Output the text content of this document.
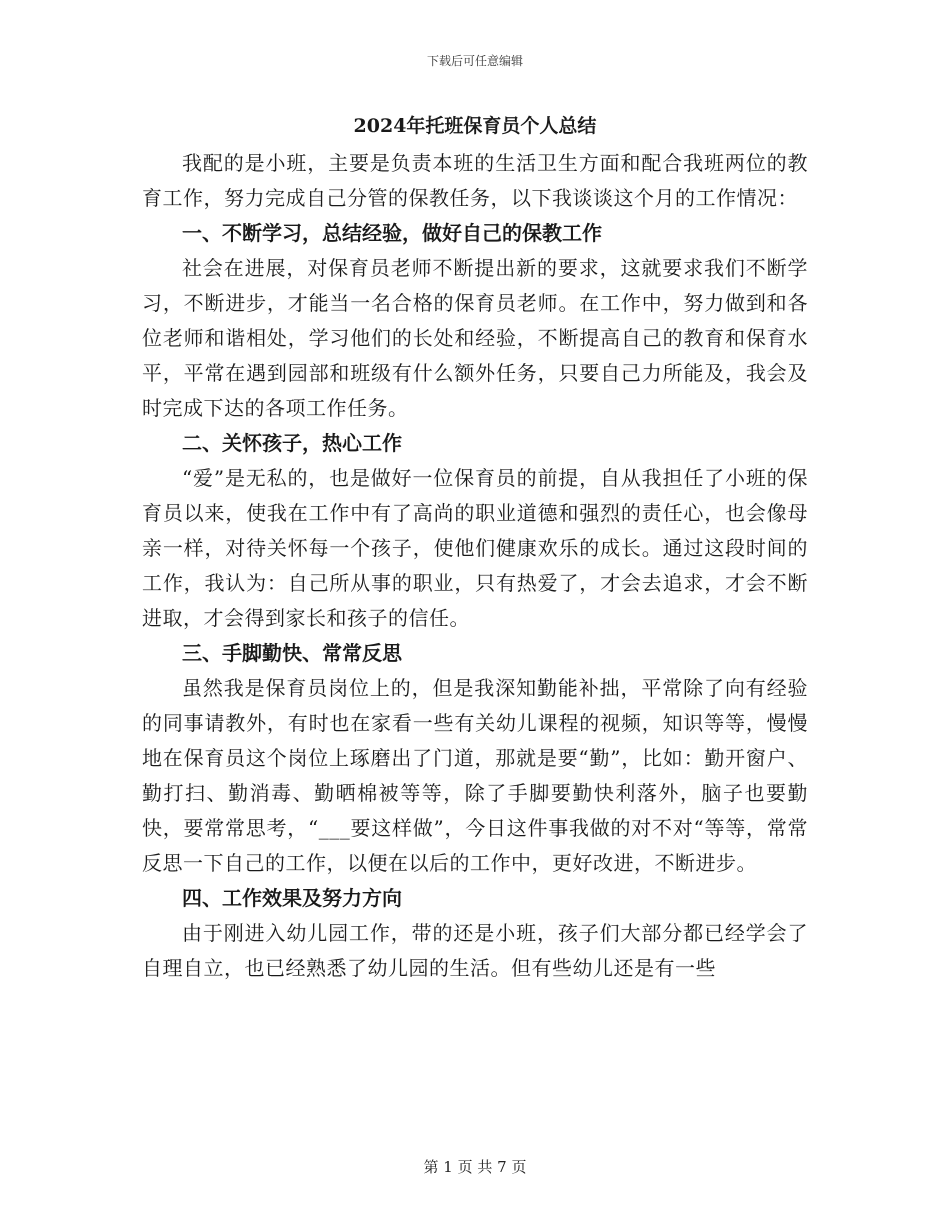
下载后可任意编辑

2024年托班保育员个人总结

我配的是小班，主要是负责本班的生活卫生方面和配合我班两位的教育工作，努力完成自己分管的保教任务，以下我谈谈这个月的工作情况：

一、不断学习，总结经验，做好自己的保教工作

社会在进展，对保育员老师不断提出新的要求，这就要求我们不断学习，不断进步，才能当一名合格的保育员老师。在工作中，努力做到和各位老师和谐相处，学习他们的长处和经验，不断提高自己的教育和保育水平，平常在遇到园部和班级有什么额外任务，只要自己力所能及，我会及时完成下达的各项工作任务。

二、关怀孩子，热心工作

“爱”是无私的，也是做好一位保育员的前提，自从我担任了小班的保育员以来，使我在工作中有了高尚的职业道德和强烈的责任心，也会像母亲一样，对待关怀每一个孩子，使他们健康欢乐的成长。通过这段时间的工作，我认为：自己所从事的职业，只有热爱了，才会去追求，才会不断进取，才会得到家长和孩子的信任。

三、手脚勤快、常常反思

虽然我是保育员岗位上的，但是我深知勤能补拙，平常除了向有经验的同事请教外，有时也在家看一些有关幼儿课程的视频，知识等等，慢慢地在保育员这个岗位上琢磨出了门道，那就是要“勤”，比如：勤开窗户、勤打扫、勤消毒、勤晒棉被等等，除了手脚要勤快利落外，脑子也要勤快，要常常思考，“___要这样做”，今日这件事我做的对不对“等等，常常反思一下自己的工作，以便在以后的工作中，更好改进，不断进步。

四、工作效果及努力方向

由于刚进入幼儿园工作，带的还是小班，孩子们大部分都已经学会了自理自立，也已经熟悉了幼儿园的生活。但有些幼儿还是有一些

第 1 页 共 7 页
